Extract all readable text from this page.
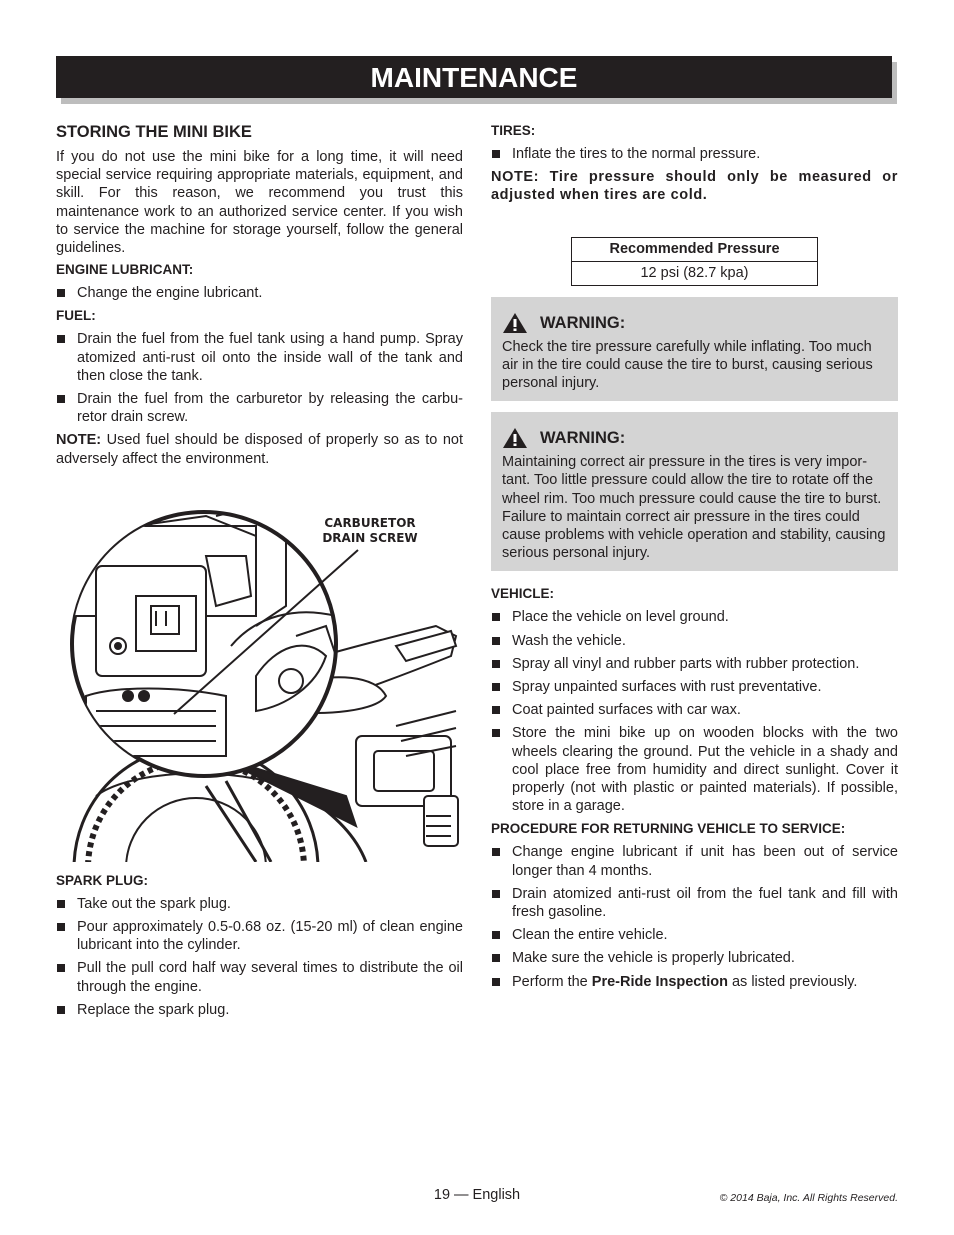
MAINTENANCE
STORING THE MINI BIKE

If you do not use the mini bike for a long time, it will need special service requiring appropriate materials, equipment, and skill. For this reason, we recommend you trust this maintenance work to an authorized service center. If you wish to service the machine for storage yourself, follow the general guidelines.

ENGINE LUBRICANT:
Change the engine lubricant.
FUEL:
Drain the fuel from the fuel tank using a hand pump. Spray atomized anti-rust oil onto the inside wall of the tank and then close the tank.
Drain the fuel from the carburetor by releasing the carbu-retor drain screw.

NOTE: Used fuel should be disposed of properly so as to not adversely affect the environment.

CARBURETOR
DRAIN SCREW
SPARK PLUG:
Take out the spark plug.
Pour approximately 0.5-0.68 oz. (15-20 ml) of clean engine lubricant into the cylinder.
Pull the pull cord half way several times to distribute the oil through the engine.
Replace the spark plug.
TIRES:
Inflate the tires to the normal pressure.

NOTE: Tire pressure should only be measured or adjusted when tires are cold.

Recommended Pressure
12 psi (82.7 kpa)
WARNING:

Check the tire pressure carefully while inflating. Too much air in the tire could cause the tire to burst, causing serious personal injury.

WARNING:

Maintaining correct air pressure in the tires is very impor-tant. Too little pressure could allow the tire to rotate off the wheel rim. Too much pressure could cause the tire to burst. Failure to maintain correct air pressure in the tires could cause problems with vehicle operation and stability, causing serious personal injury.

VEHICLE:
Place the vehicle on level ground.
Wash the vehicle.
Spray all vinyl and rubber parts with rubber protection.
Spray unpainted surfaces with rust preventative.
Coat painted surfaces with car wax.
Store the mini bike up on wooden blocks with the two wheels clearing the ground. Put the vehicle in a shady and cool place free from humidity and direct sunlight. Cover it properly (not with plastic or painted materials). If possible, store in a garage.
PROCEDURE FOR RETURNING VEHICLE TO SERVICE:
Change engine lubricant if unit has been out of service longer than 4 months.
Drain atomized anti-rust oil from the fuel tank and fill with fresh gasoline.
Clean the entire vehicle.
Make sure the vehicle is properly lubricated.
Perform the Pre-Ride Inspection as listed previously.
19 — English	© 2014 Baja, Inc. All Rights Reserved.
